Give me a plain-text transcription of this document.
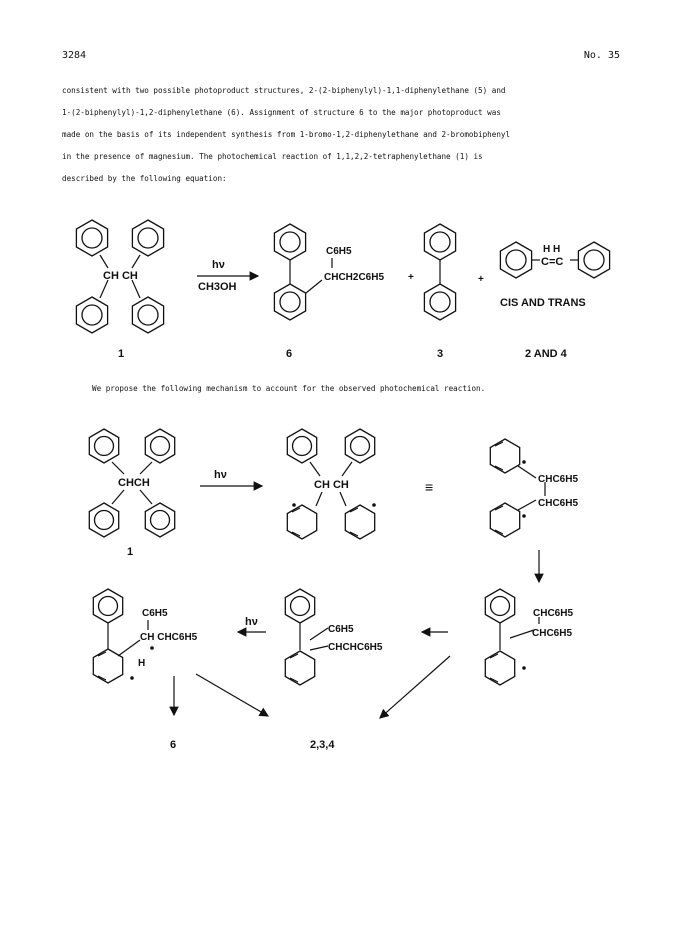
3284	No. 35
consistent with two possible photoproduct structures, 2-(2-biphenylyl)-1,1-diphenylethane (5) and
1-(2-biphenylyl)-1,2-diphenylethane (6). Assignment of structure 6 to the major photoproduct was
made on the basis of its independent synthesis from 1-bromo-1,2-diphenylethane and 2-bromobiphenyl
in the presence of magnesium. The photochemical reaction of 1,1,2,2-tetraphenylethane (1) is
described by the following equation:
CH CH
hν
CH3OH
C6H5
CHCH2C6H5 +	+
H H
C=C
CIS AND TRANS
1	6	3	2 AND 4
We propose the following mechanism to account for the observed photochemical reaction.
CHCH
1
hν
CH CH	≡	CHC6H5
CHC6H5
CHC6H5
CHC6H5
C6H5
CHCHC6H5
hν
C6H5
CH CHC6H5
H
6	2,3,4
